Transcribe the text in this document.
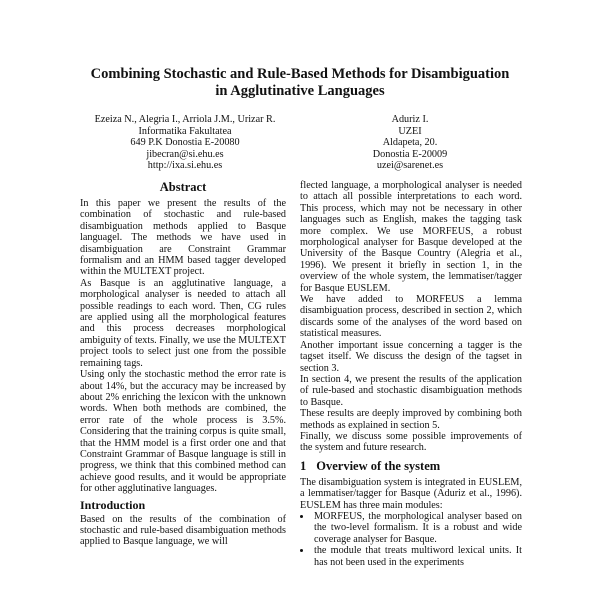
Combining Stochastic and Rule-Based Methods for Disambiguation
in Agglutinative Languages
Ezeiza N., Alegria I., Arriola J.M., Urizar R.
Informatika Fakultatea
649 P.K Donostia E-20080
jibecran@si.ehu.es
http://ixa.si.ehu.es
Aduriz I.
UZEI
Aldapeta, 20.
Donostia E-20009
uzei@sarenet.es
Abstract

In this paper we present the results of the combination of stochastic and rule-based disambiguation methods applied to Basque languagel. The methods we have used in disambiguation are Constraint Grammar formalism and an HMM based tagger developed within the MULTEXT project.

As Basque is an agglutinative language, a morphological analyser is needed to attach all possible readings to each word. Then, CG rules are applied using all the morphological features and this process decreases morphological ambiguity of texts. Finally, we use the MULTEXT project tools to select just one from the possible remaining tags.

Using only the stochastic method the error rate is about 14%, but the accuracy may be increased by about 2% enriching the lexicon with the unknown words. When both methods are combined, the error rate of the whole process is 3.5%. Considering that the training corpus is quite small, that the HMM model is a first order one and that Constraint Grammar of Basque language is still in progress, we think that this combined method can achieve good results, and it would be appropriate for other agglutinative languages.

Introduction

Based on the results of the combination of stochastic and rule-based disambiguation methods applied to Basque language, we will

flected language, a morphological analyser is needed to attach all possible interpretations to each word. This process, which may not be necessary in other languages such as English, makes the tagging task more complex. We use MORFEUS, a robust morphological analyser for Basque developed at the University of the Basque Country (Alegria et al., 1996). We present it briefly in section 1, in the overview of the whole system, the lemmatiser/tagger for Basque EUSLEM.

We have added to MORFEUS a lemma disambiguation process, described in section 2, which discards some of the analyses of the word based on statistical measures.

Another important issue concerning a tagger is the tagset itself. We discuss the design of the tagset in section 3.

In section 4, we present the results of the application of rule-based and stochastic disambiguation methods to Basque.

These results are deeply improved by combining both methods as explained in section 5.

Finally, we discuss some possible improvements of the system and future research.

1 Overview of the system

The disambiguation system is integrated in EUSLEM, a lemmatiser/tagger for Basque (Aduriz et al., 1996). EUSLEM has three main modules:

• MORFEUS, the morphological analyser based on the two-level formalism. It is a robust and wide coverage analyser for Basque.
• the module that treats multiword lexical units. It has not been used in the experiments
